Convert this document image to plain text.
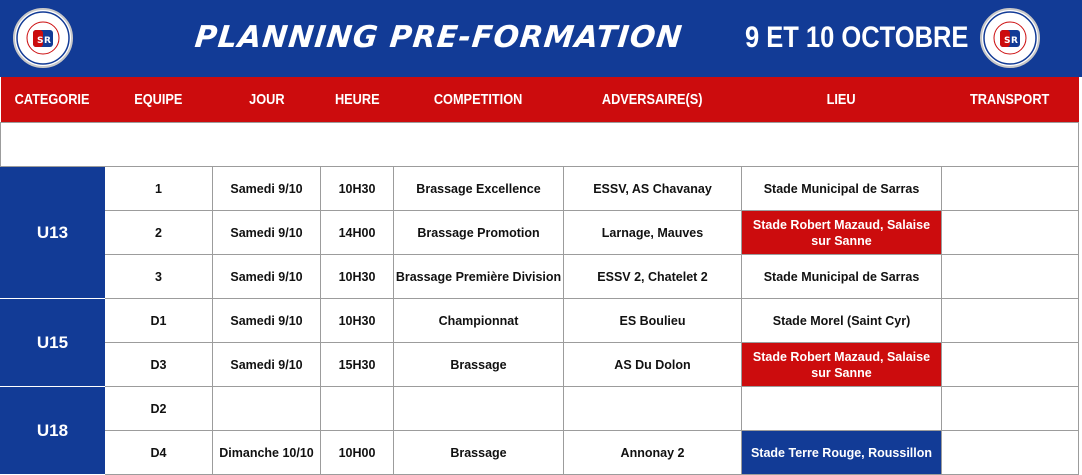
S R	PLANNING PRE-FORMATION 9 ET 10 OCTOBRE	S R
CATEGORIE	EQUIPE	JOUR	HEURE	COMPETITION	ADVERSAIRE(S)	LIEU	TRANSPORT

U13	1	Samedi 9/10	10H30	Brassage Excellence	ESSV, AS Chavanay	Stade Municipal de Sarras	
	2	Samedi 9/10	14H00	Brassage Promotion	Larnage, Mauves	Stade Robert Mazaud, Salaise sur Sanne	
	3	Samedi 9/10	10H30	Brassage Première Division	ESSV 2, Chatelet 2	Stade Municipal de Sarras	
U15	D1	Samedi 9/10	10H30	Championnat	ES Boulieu	Stade Morel (Saint Cyr)	
	D3	Samedi 9/10	15H30	Brassage	AS Du Dolon	Stade Robert Mazaud, Salaise sur Sanne	
U18	D2						
	D4	Dimanche 10/10	10H00	Brassage	Annonay 2	Stade Terre Rouge, Roussillon	
